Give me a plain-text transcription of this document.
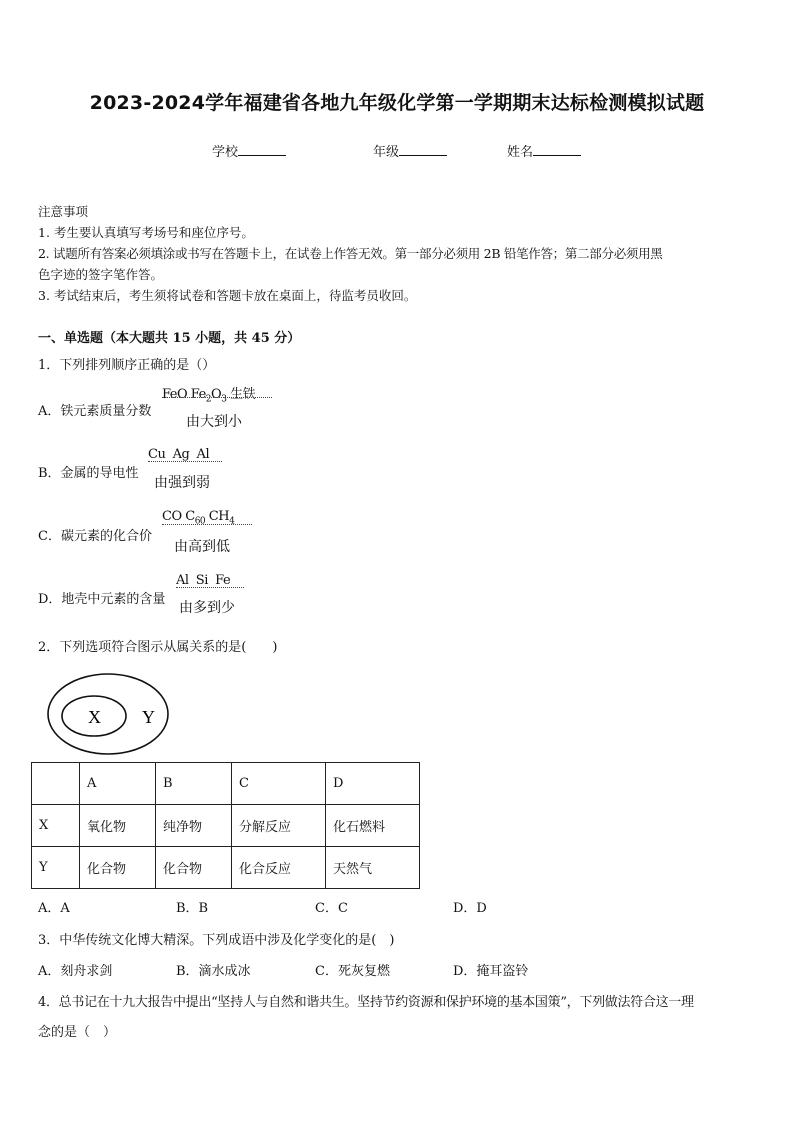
2023-2024学年福建省各地九年级化学第一学期期末达标检测模拟试题
学校	年级	姓名
注意事项
1. 考生要认真填写考场号和座位序号。
2. 试题所有答案必须填涂或书写在答题卡上，在试卷上作答无效。第一部分必须用 2B 铅笔作答；第二部分必须用黑
色字迹的签字笔作答。
3. 考试结束后，考生须将试卷和答题卡放在桌面上，待监考员收回。
一、单选题（本大题共 15 小题，共 45 分）
1．下列排列顺序正确的是（）
A．铁元素质量分数
FeO $Fe_2O_3$ 生铁
由大到小
B．金属的导电性
Cu  Ag  Al
由强到弱
C．碳元素的化合价
CO $C_{60}$ $CH_4$
由高到低
D．地壳中元素的含量
Al  Si  Fe
由多到少
2．下列选项符合图示从属关系的是(　　)
X Y
	A	B	C	D
X	氧化物	纯净物	分解反应	化石燃料
Y	化合物	化合物	化合反应	天然气
A．A	B．B	C．C	D．D
3．中华传统文化博大精深。下列成语中涉及化学变化的是(　)
A．刻舟求剑	B．滴水成冰	C．死灰复燃	D．掩耳盗铃
4．总书记在十九大报告中提出“坚持人与自然和谐共生。坚持节约资源和保护环境的基本国策”，下列做法符合这一理
念的是（　）
